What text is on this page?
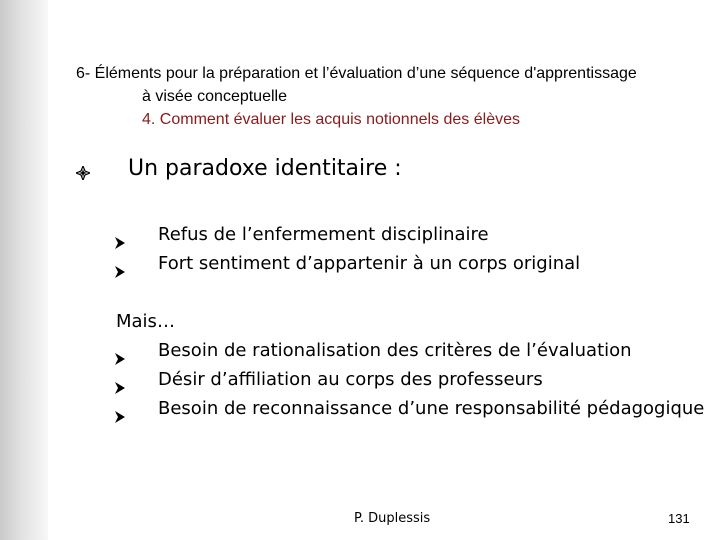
6- Éléments pour la préparation et l’évaluation d’une séquence d'apprentissage
à visée conceptuelle
4. Comment évaluer les acquis notionnels des élèves
Un paradoxe identitaire :
Refus de l’enfermement disciplinaire
Fort sentiment d’appartenir à un corps original
Mais…
Besoin de rationalisation des critères de l’évaluation
Désir d’affiliation au corps des professeurs
Besoin de reconnaissance d’une responsabilité pédagogique
P. Duplessis	131
